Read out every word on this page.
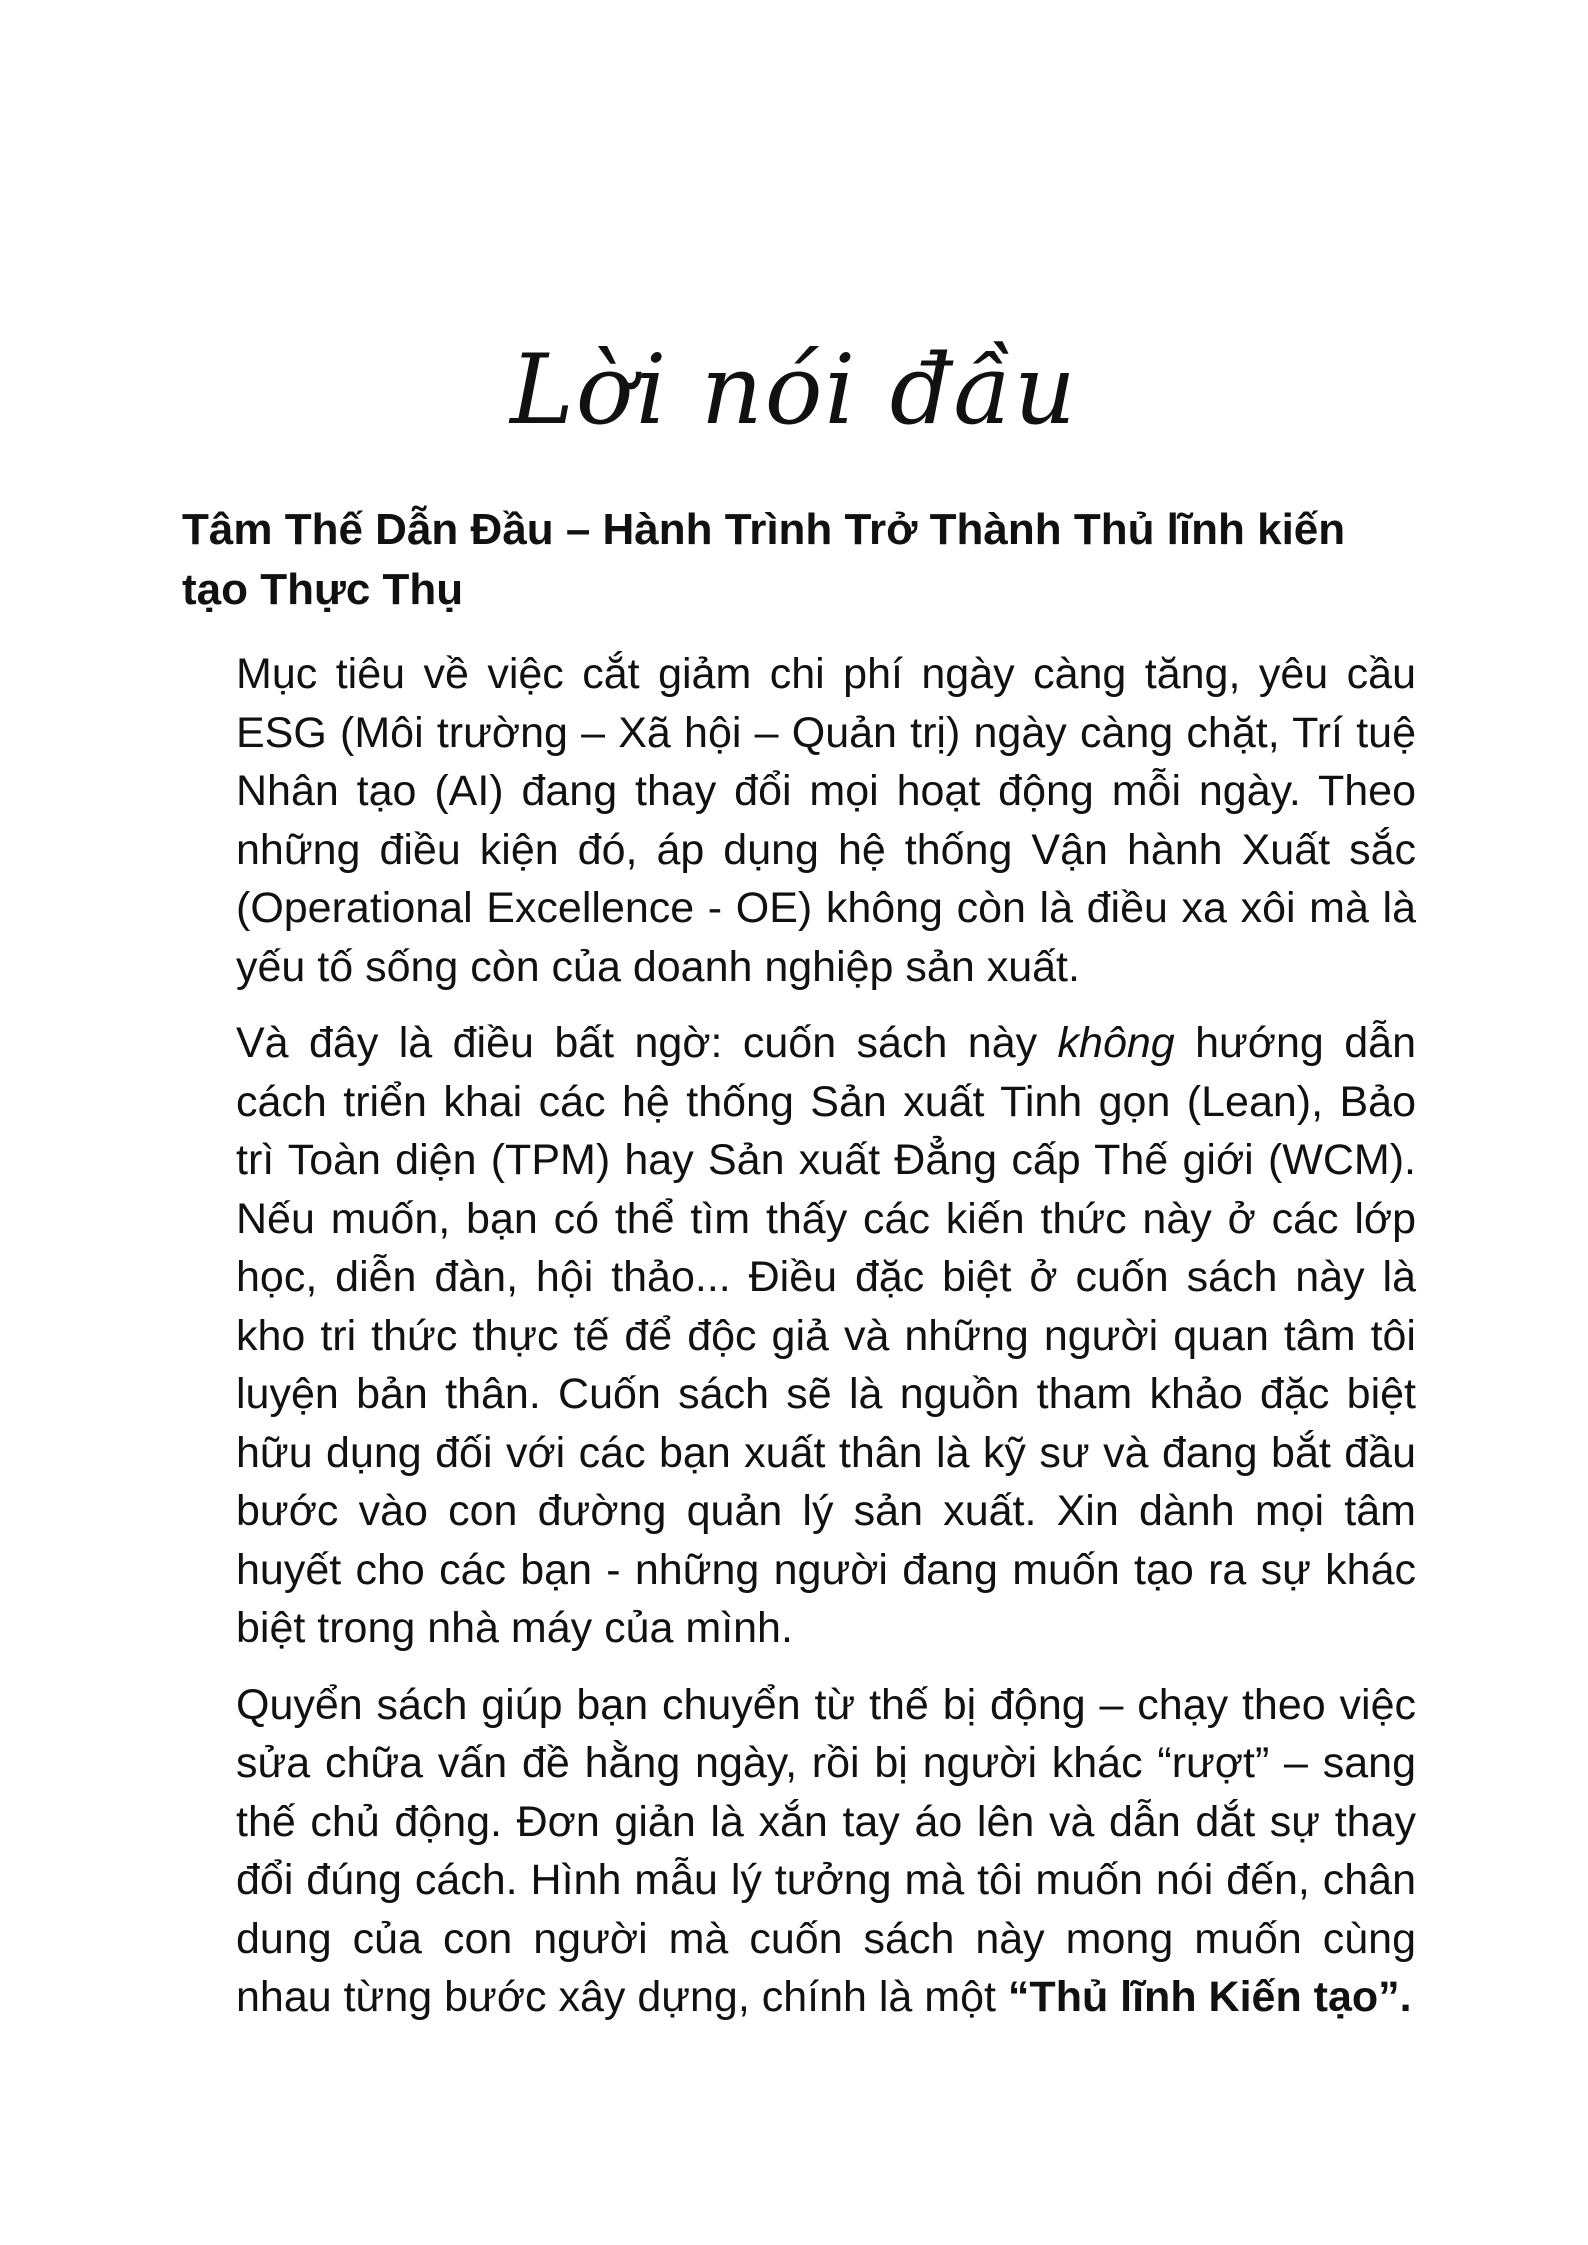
Lời nói đầu
Tâm Thế Dẫn Đầu – Hành Trình Trở Thành Thủ lĩnh kiến tạo Thực Thụ

Mục tiêu về việc cắt giảm chi phí ngày càng tăng, yêu cầu ESG (Môi trường – Xã hội – Quản trị) ngày càng chặt, Trí tuệ Nhân tạo (AI) đang thay đổi mọi hoạt động mỗi ngày. Theo những điều kiện đó, áp dụng hệ thống Vận hành Xuất sắc (Operational Excellence - OE) không còn là điều xa xôi mà là yếu tố sống còn của doanh nghiệp sản xuất.

Và đây là điều bất ngờ: cuốn sách này không hướng dẫn cách triển khai các hệ thống Sản xuất Tinh gọn (Lean), Bảo trì Toàn diện (TPM) hay Sản xuất Đẳng cấp Thế giới (WCM). Nếu muốn, bạn có thể tìm thấy các kiến thức này ở các lớp học, diễn đàn, hội thảo... Điều đặc biệt ở cuốn sách này là kho tri thức thực tế để độc giả và những người quan tâm tôi luyện bản thân. Cuốn sách sẽ là nguồn tham khảo đặc biệt hữu dụng đối với các bạn xuất thân là kỹ sư và đang bắt đầu bước vào con đường quản lý sản xuất. Xin dành mọi tâm huyết cho các bạn - những người đang muốn tạo ra sự khác biệt trong nhà máy của mình.

Quyển sách giúp bạn chuyển từ thế bị động – chạy theo việc sửa chữa vấn đề hằng ngày, rồi bị người khác “rượt” – sang thế chủ động. Đơn giản là xắn tay áo lên và dẫn dắt sự thay đổi đúng cách. Hình mẫu lý tưởng mà tôi muốn nói đến, chân dung của con người mà cuốn sách này mong muốn cùng nhau từng bước xây dựng, chính là một “Thủ lĩnh Kiến tạo”.
